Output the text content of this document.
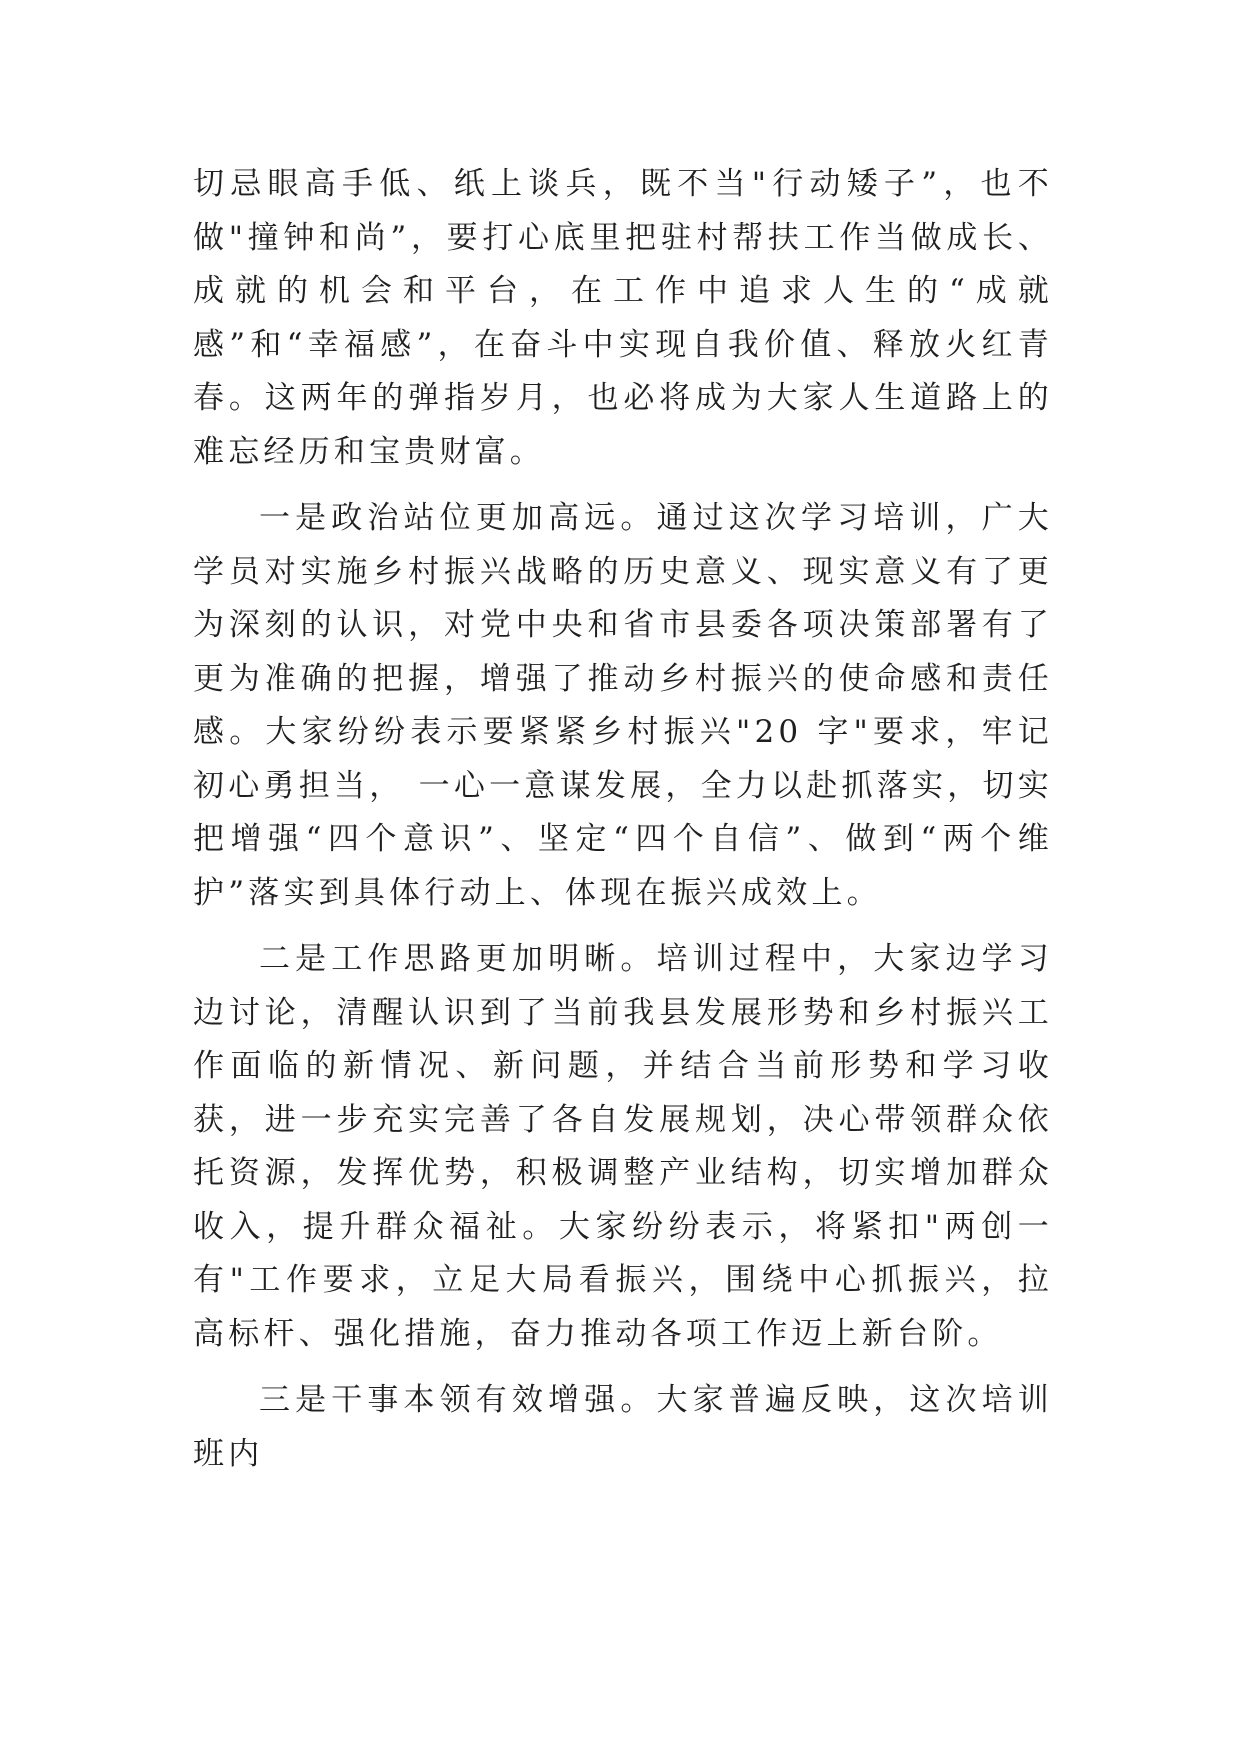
切忌眼高手低、纸上谈兵，既不当"行动矮子”，也不做"撞钟和尚”，要打心底里把驻村帮扶工作当做成长、成就的机会和平台，在工作中追求人生的“成就感”和“幸福感”，在奋斗中实现自我价值、释放火红青春。这两年的弹指岁月，也必将成为大家人生道路上的难忘经历和宝贵财富。

一是政治站位更加高远。通过这次学习培训，广大学员对实施乡村振兴战略的历史意义、现实意义有了更为深刻的认识，对党中央和省市县委各项决策部署有了更为准确的把握，增强了推动乡村振兴的使命感和责任感。大家纷纷表示要紧紧乡村振兴"20 字"要求，牢记初心勇担当， 一心一意谋发展，全力以赴抓落实，切实把增强“四个意识”、坚定“四个自信”、做到“两个维护”落实到具体行动上、体现在振兴成效上。

二是工作思路更加明晰。培训过程中，大家边学习边讨论，清醒认识到了当前我县发展形势和乡村振兴工作面临的新情况、新问题，并结合当前形势和学习收获，进一步充实完善了各自发展规划，决心带领群众依托资源，发挥优势，积极调整产业结构，切实增加群众收入，提升群众福祉。大家纷纷表示，将紧扣"两创一有"工作要求，立足大局看振兴，围绕中心抓振兴，拉高标杆、强化措施，奋力推动各项工作迈上新台阶。

三是干事本领有效增强。大家普遍反映，这次培训班内
